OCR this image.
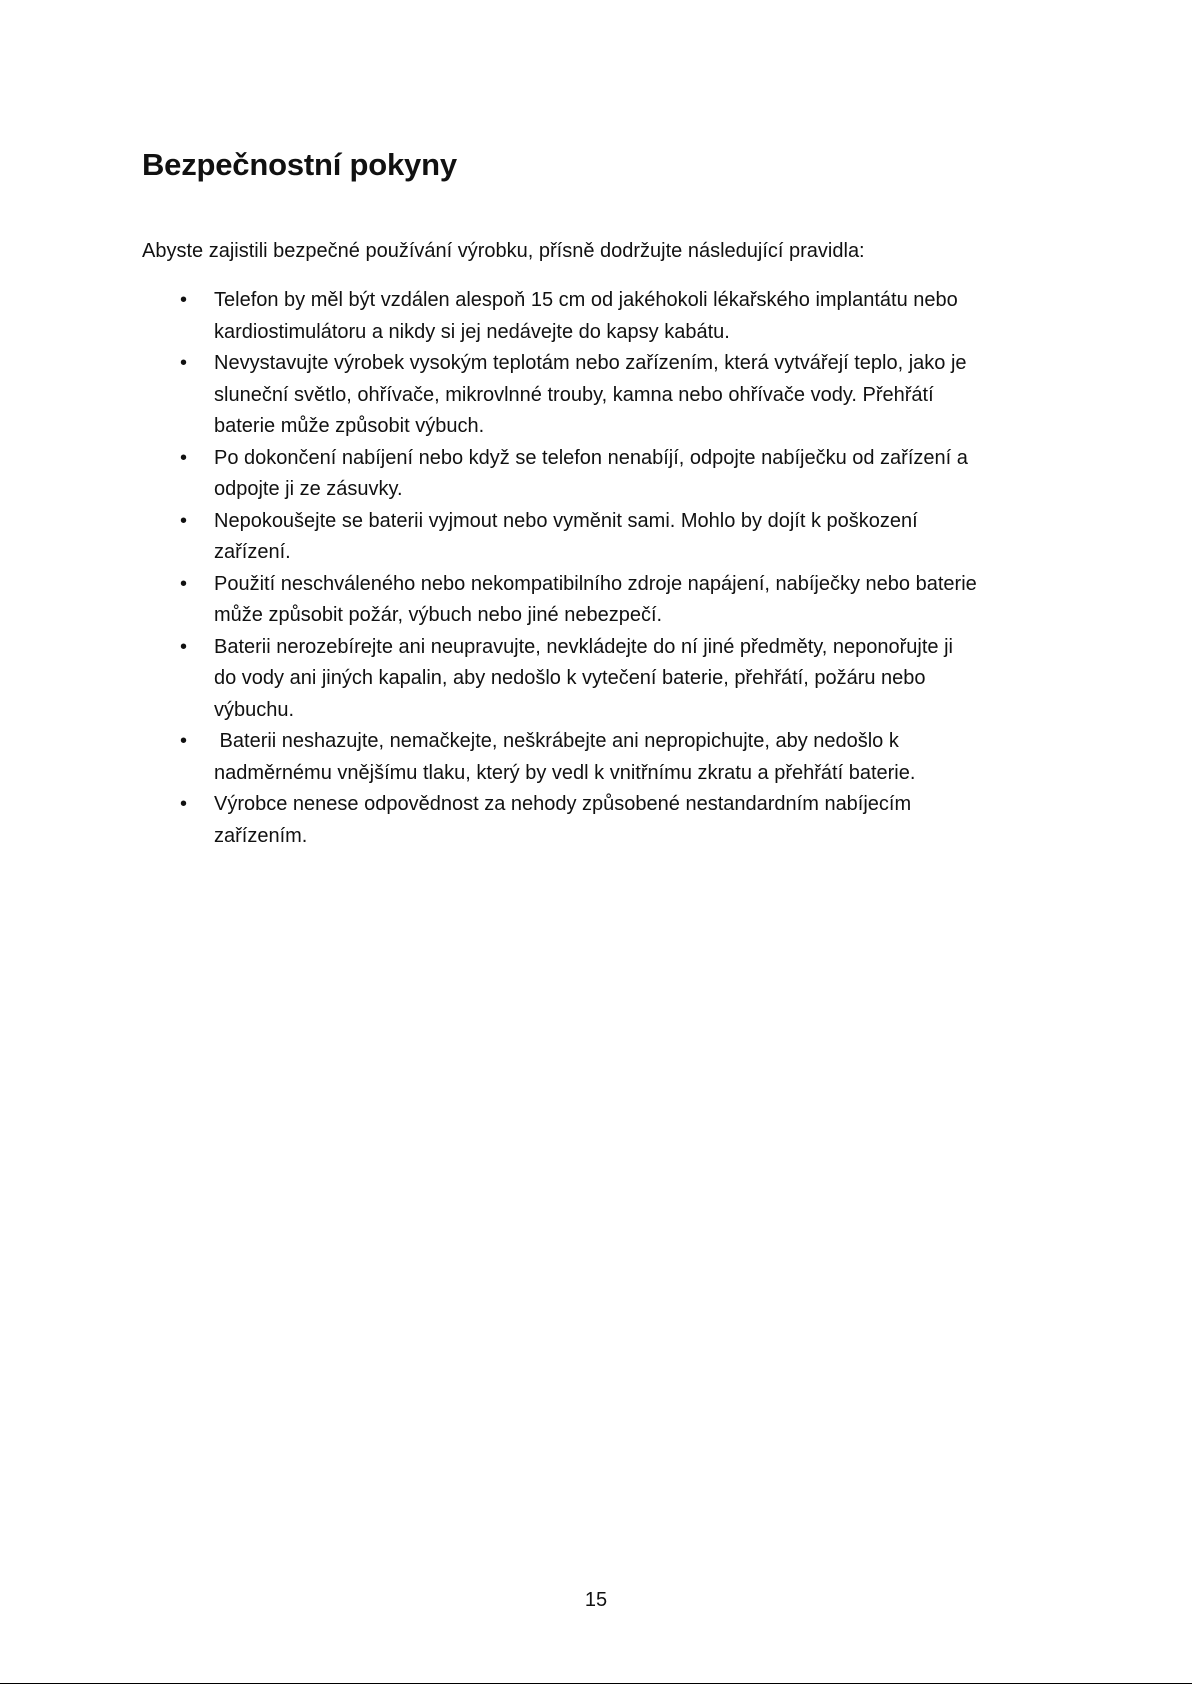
Bezpečnostní pokyny

Abyste zajistili bezpečné používání výrobku, přísně dodržujte následující pravidla:

• Telefon by měl být vzdálen alespoň 15 cm od jakéhokoli lékařského implantátu nebo
kardiostimulátoru a nikdy si jej nedávejte do kapsy kabátu.
• Nevystavujte výrobek vysokým teplotám nebo zařízením, která vytvářejí teplo, jako je
sluneční světlo, ohřívače, mikrovlnné trouby, kamna nebo ohřívače vody. Přehřátí
baterie může způsobit výbuch.
• Po dokončení nabíjení nebo když se telefon nenabíjí, odpojte nabíječku od zařízení a
odpojte ji ze zásuvky.
• Nepokoušejte se baterii vyjmout nebo vyměnit sami. Mohlo by dojít k poškození
zařízení.
• Použití neschváleného nebo nekompatibilního zdroje napájení, nabíječky nebo baterie
může způsobit požár, výbuch nebo jiné nebezpečí.
• Baterii nerozebírejte ani neupravujte, nevkládejte do ní jiné předměty, neponořujte ji
do vody ani jiných kapalin, aby nedošlo k vytečení baterie, přehřátí, požáru nebo
výbuchu.
• Baterii neshazujte, nemačkejte, neškrábejte ani nepropichujte, aby nedošlo k
nadměrnému vnějšímu tlaku, který by vedl k vnitřnímu zkratu a přehřátí baterie.
• Výrobce nenese odpovědnost za nehody způsobené nestandardním nabíjecím
zařízením.
15
